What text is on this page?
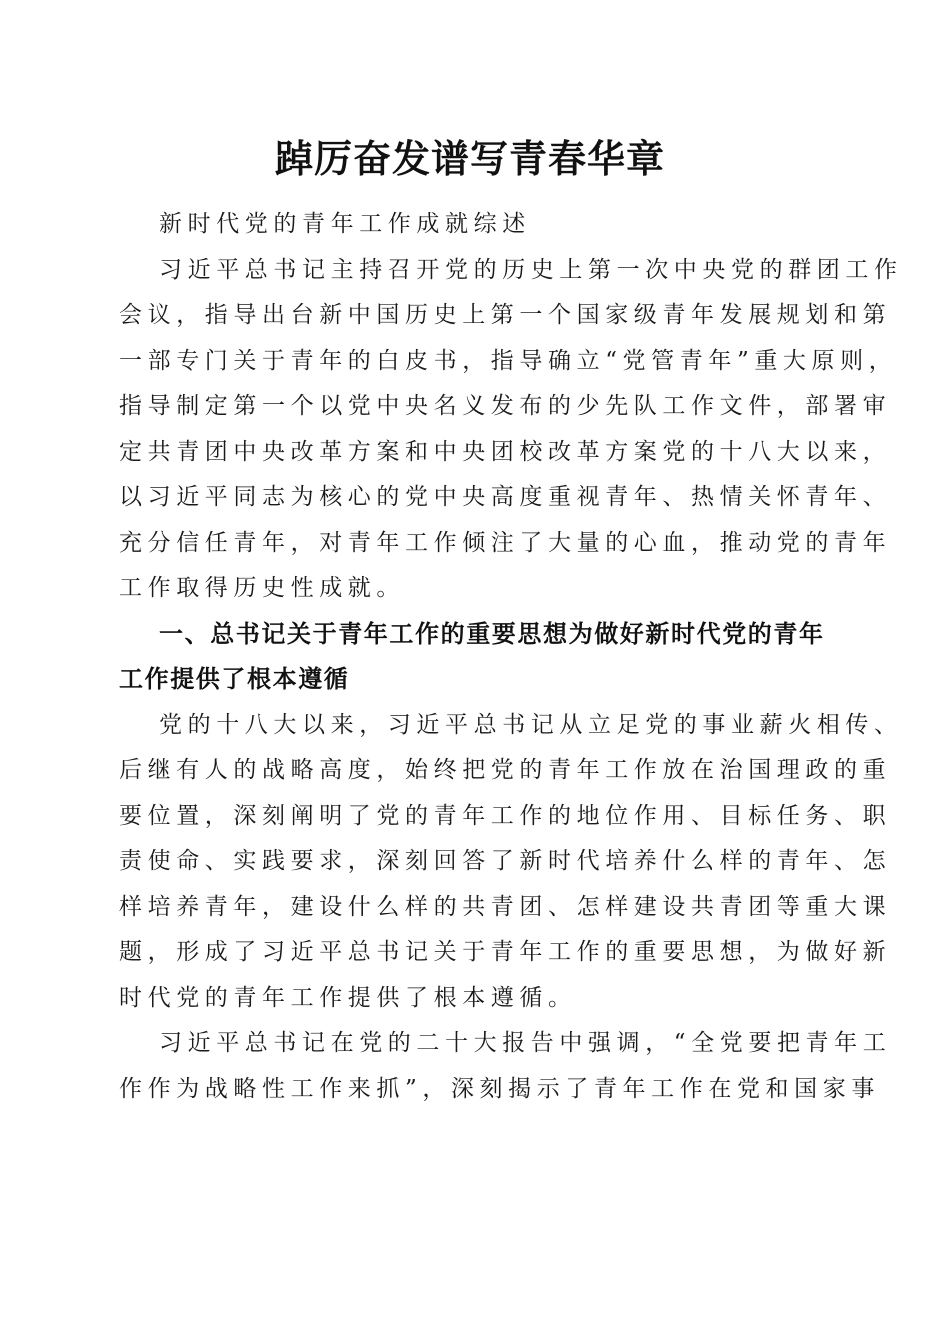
踔厉奋发谱写青春华章
新时代党的青年工作成就综述
习近平总书记主持召开党的历史上第一次中央党的群团工作
会议，指导出台新中国历史上第一个国家级青年发展规划和第
一部专门关于青年的白皮书，指导确立“党管青年”重大原则，
指导制定第一个以党中央名义发布的少先队工作文件，部署审
定共青团中央改革方案和中央团校改革方案党的十八大以来，
以习近平同志为核心的党中央高度重视青年、热情关怀青年、
充分信任青年，对青年工作倾注了大量的心血，推动党的青年
工作取得历史性成就。
一、总书记关于青年工作的重要思想为做好新时代党的青年
工作提供了根本遵循
党的十八大以来，习近平总书记从立足党的事业薪火相传、
后继有人的战略高度，始终把党的青年工作放在治国理政的重
要位置，深刻阐明了党的青年工作的地位作用、目标任务、职
责使命、实践要求，深刻回答了新时代培养什么样的青年、怎
样培养青年，建设什么样的共青团、怎样建设共青团等重大课
题，形成了习近平总书记关于青年工作的重要思想，为做好新
时代党的青年工作提供了根本遵循。
习近平总书记在党的二十大报告中强调，“全党要把青年工
作作为战略性工作来抓”，深刻揭示了青年工作在党和国家事
